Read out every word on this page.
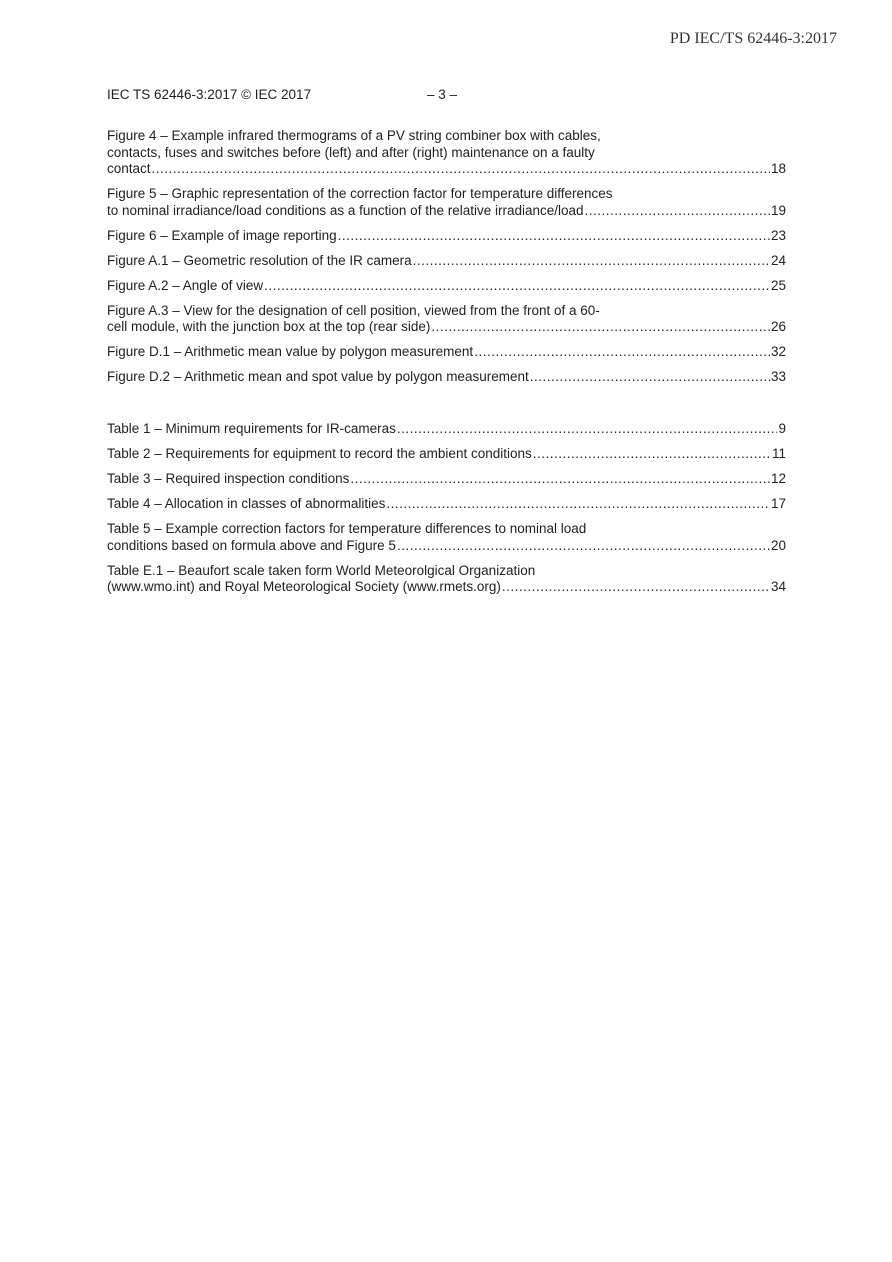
PD IEC/TS 62446-3:2017
IEC TS 62446-3:2017 © IEC 2017	– 3 –
Figure 4 – Example infrared thermograms of a PV string combiner box with cables,
contacts, fuses and switches before (left) and after (right) maintenance on a faulty
contact .....	18
Figure 5 – Graphic representation of the correction factor for temperature differences
to nominal irradiance/load conditions as a function of the relative irradiance/load .....	19
Figure 6 – Example of image reporting .....	23
Figure A.1 – Geometric resolution of the IR camera .....	24
Figure A.2 – Angle of view .....	25
Figure A.3 – View for the designation of cell position, viewed from the front of a 60-
cell module, with the junction box at the top (rear side) .....	26
Figure D.1 – Arithmetic mean value by polygon measurement .....	32
Figure D.2 – Arithmetic mean and spot value by polygon measurement .....	33
Table 1 – Minimum requirements for IR-cameras .....	9
Table 2 – Requirements for equipment to record the ambient conditions .....	11
Table 3 – Required inspection conditions .....	12
Table 4 – Allocation in classes of abnormalities .....	17
Table 5 – Example correction factors for temperature differences to nominal load
conditions based on formula above and Figure 5 .....	20
Table E.1 – Beaufort scale taken form World Meteorolgical Organization
(www.wmo.int) and Royal Meteorological Society (www.rmets.org) .....	34
